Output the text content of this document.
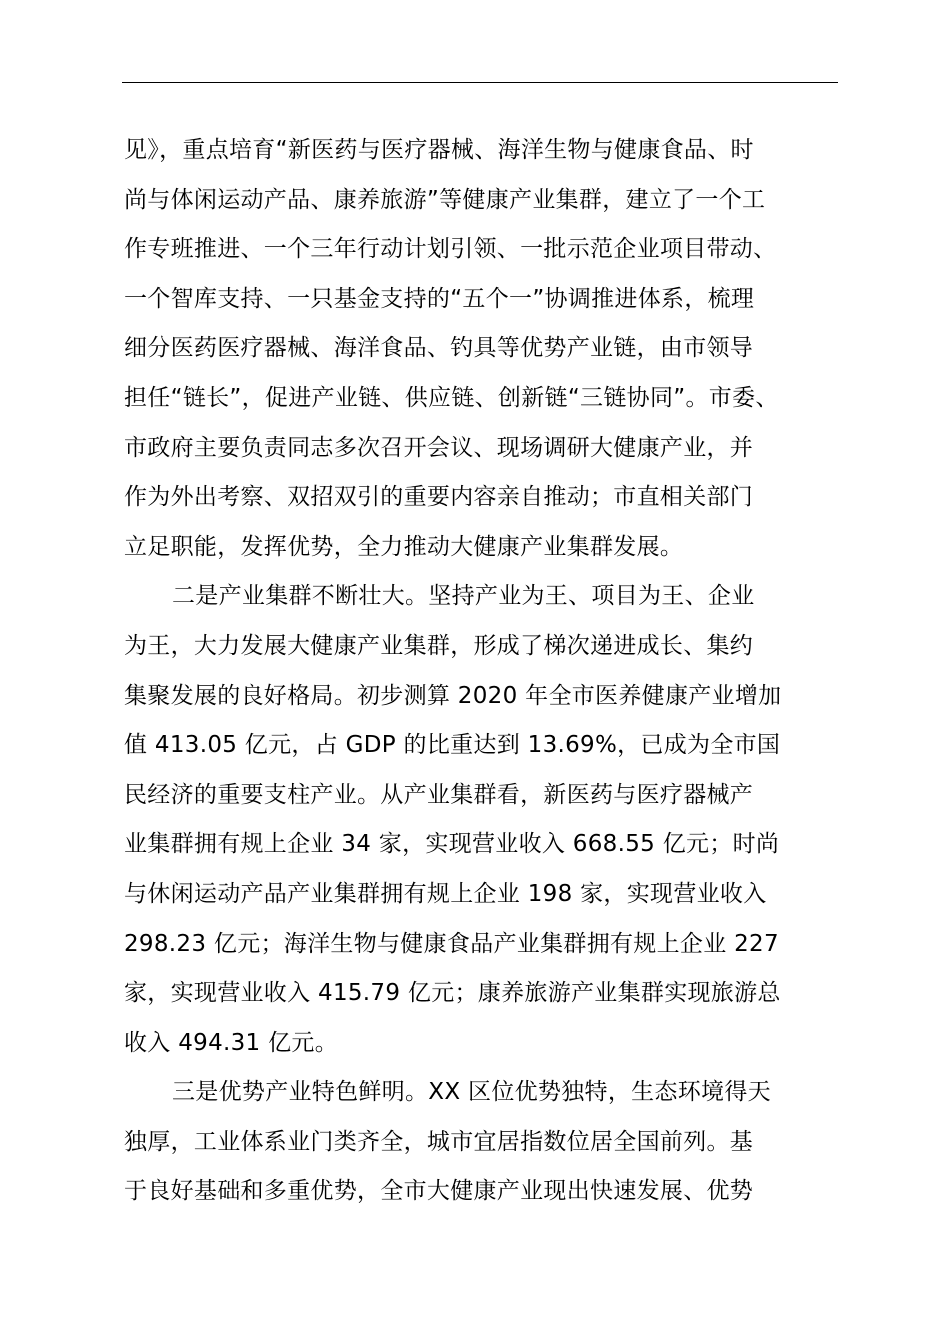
见》，重点培育“新医药与医疗器械、海洋生物与健康食品、时
尚与体闲运动产品、康养旅游”等健康产业集群，建立了一个工
作专班推进、一个三年行动计划引领、一批示范企业项目带动、
一个智库支持、一只基金支持的“五个一”协调推进体系，梳理
细分医药医疗器械、海洋食品、钓具等优势产业链，由市领导
担任“链长”，促进产业链、供应链、创新链“三链协同”。市委、
市政府主要负责同志多次召开会议、现场调研大健康产业，并
作为外出考察、双招双引的重要内容亲自推动；市直相关部门
立足职能，发挥优势，全力推动大健康产业集群发展。
二是产业集群不断壮大。坚持产业为王、项目为王、企业
为王，大力发展大健康产业集群，形成了梯次递进成长、集约
集聚发展的良好格局。初步测算 2020 年全市医养健康产业增加
值 413.05 亿元，占 GDP 的比重达到 13.69%，已成为全市国
民经济的重要支柱产业。从产业集群看，新医药与医疗器械产
业集群拥有规上企业 34 家，实现营业收入 668.55 亿元；时尚
与休闲运动产品产业集群拥有规上企业 198 家，实现营业收入
298.23 亿元；海洋生物与健康食品产业集群拥有规上企业 227
家，实现营业收入 415.79 亿元；康养旅游产业集群实现旅游总
收入 494.31 亿元。
三是优势产业特色鲜明。XX 区位优势独特，生态环境得天
独厚，工业体系业门类齐全，城市宜居指数位居全国前列。基
于良好基础和多重优势，全市大健康产业现出快速发展、优势
